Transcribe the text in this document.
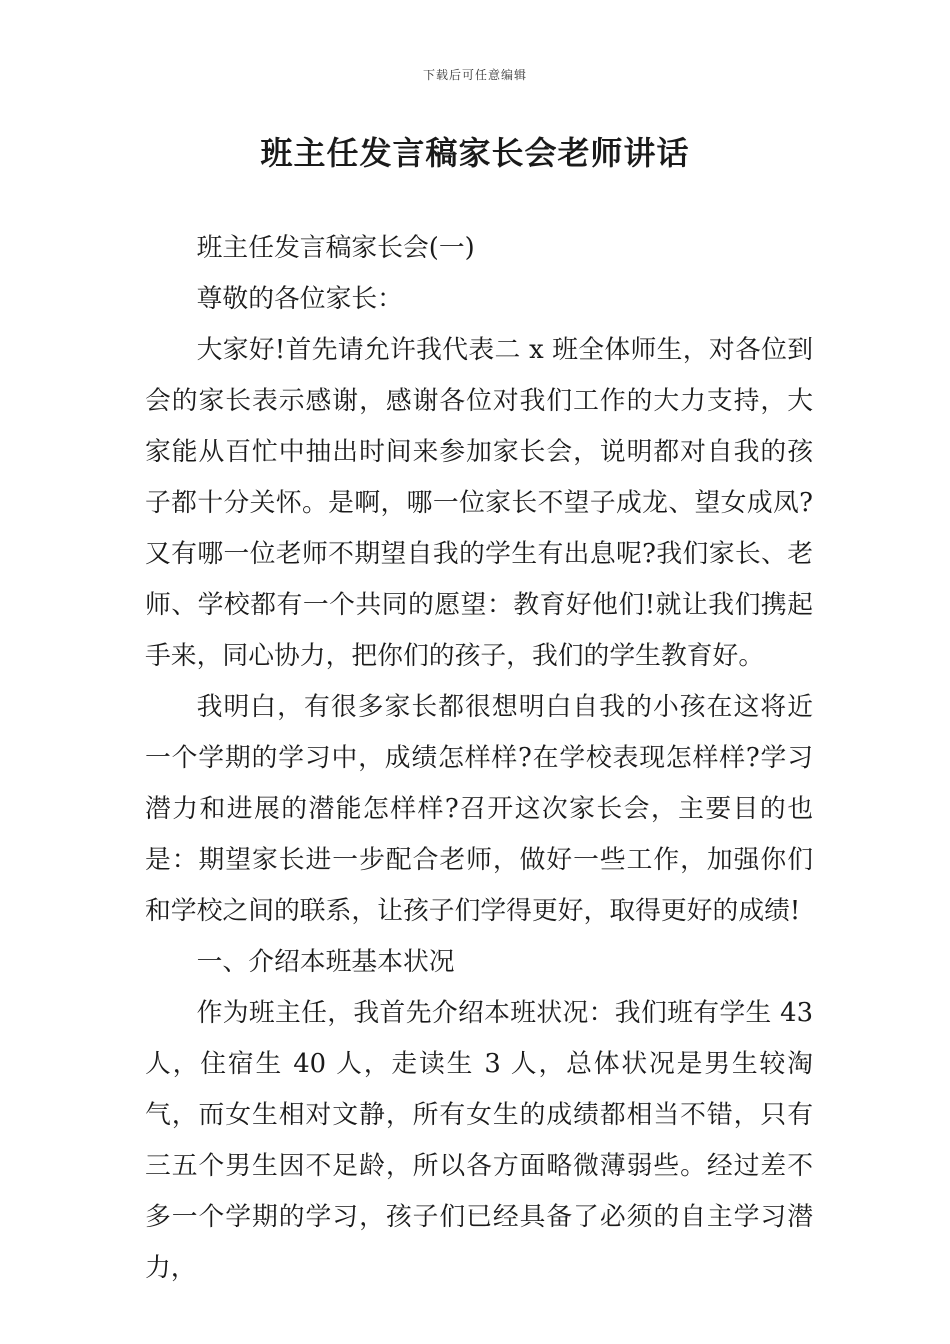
下载后可任意编辑
班主任发言稿家长会老师讲话

班主任发言稿家长会(一)

尊敬的各位家长：

大家好!首先请允许我代表二 x 班全体师生，对各位到会的家长表示感谢，感谢各位对我们工作的大力支持，大家能从百忙中抽出时间来参加家长会，说明都对自我的孩子都十分关怀。是啊，哪一位家长不望子成龙、望女成凤?又有哪一位老师不期望自我的学生有出息呢?我们家长、老师、学校都有一个共同的愿望：教育好他们!就让我们携起手来，同心协力，把你们的孩子，我们的学生教育好。

我明白，有很多家长都很想明白自我的小孩在这将近一个学期的学习中，成绩怎样样?在学校表现怎样样?学习潜力和进展的潜能怎样样?召开这次家长会，主要目的也是：期望家长进一步配合老师，做好一些工作，加强你们和学校之间的联系，让孩子们学得更好，取得更好的成绩!

一、介绍本班基本状况

作为班主任，我首先介绍本班状况：我们班有学生 43 人，住宿生 40 人，走读生 3 人，总体状况是男生较淘气，而女生相对文静，所有女生的成绩都相当不错，只有三五个男生因不足龄，所以各方面略微薄弱些。经过差不多一个学期的学习，孩子们已经具备了必须的自主学习潜力，
